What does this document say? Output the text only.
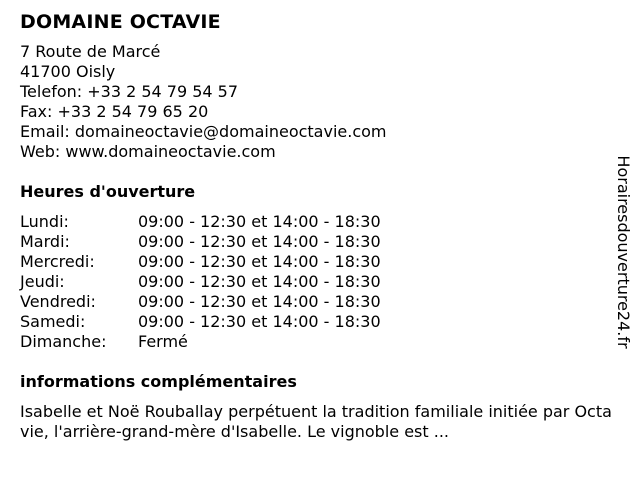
DOMAINE OCTAVIE
7 Route de Marcé
41700 Oisly
Telefon: +33 2 54 79 54 57
Fax: +33 2 54 79 65 20
Email: domaineoctavie@domaineoctavie.com
Web: www.domaineoctavie.com
Heures d'ouverture
Lundi:	09:00 - 12:30 et 14:00 - 18:30
Mardi:	09:00 - 12:30 et 14:00 - 18:30
Mercredi:	09:00 - 12:30 et 14:00 - 18:30
Jeudi:	09:00 - 12:30 et 14:00 - 18:30
Vendredi:	09:00 - 12:30 et 14:00 - 18:30
Samedi:	09:00 - 12:30 et 14:00 - 18:30
Dimanche:	Fermé
informations complémentaires
Isabelle et Noë Rouballay perpétuent la tradition familiale initiée par Octavie, l'arrière-grand-mère d'Isabelle. Le vignoble est ...
Horairesdouverture24.fr
